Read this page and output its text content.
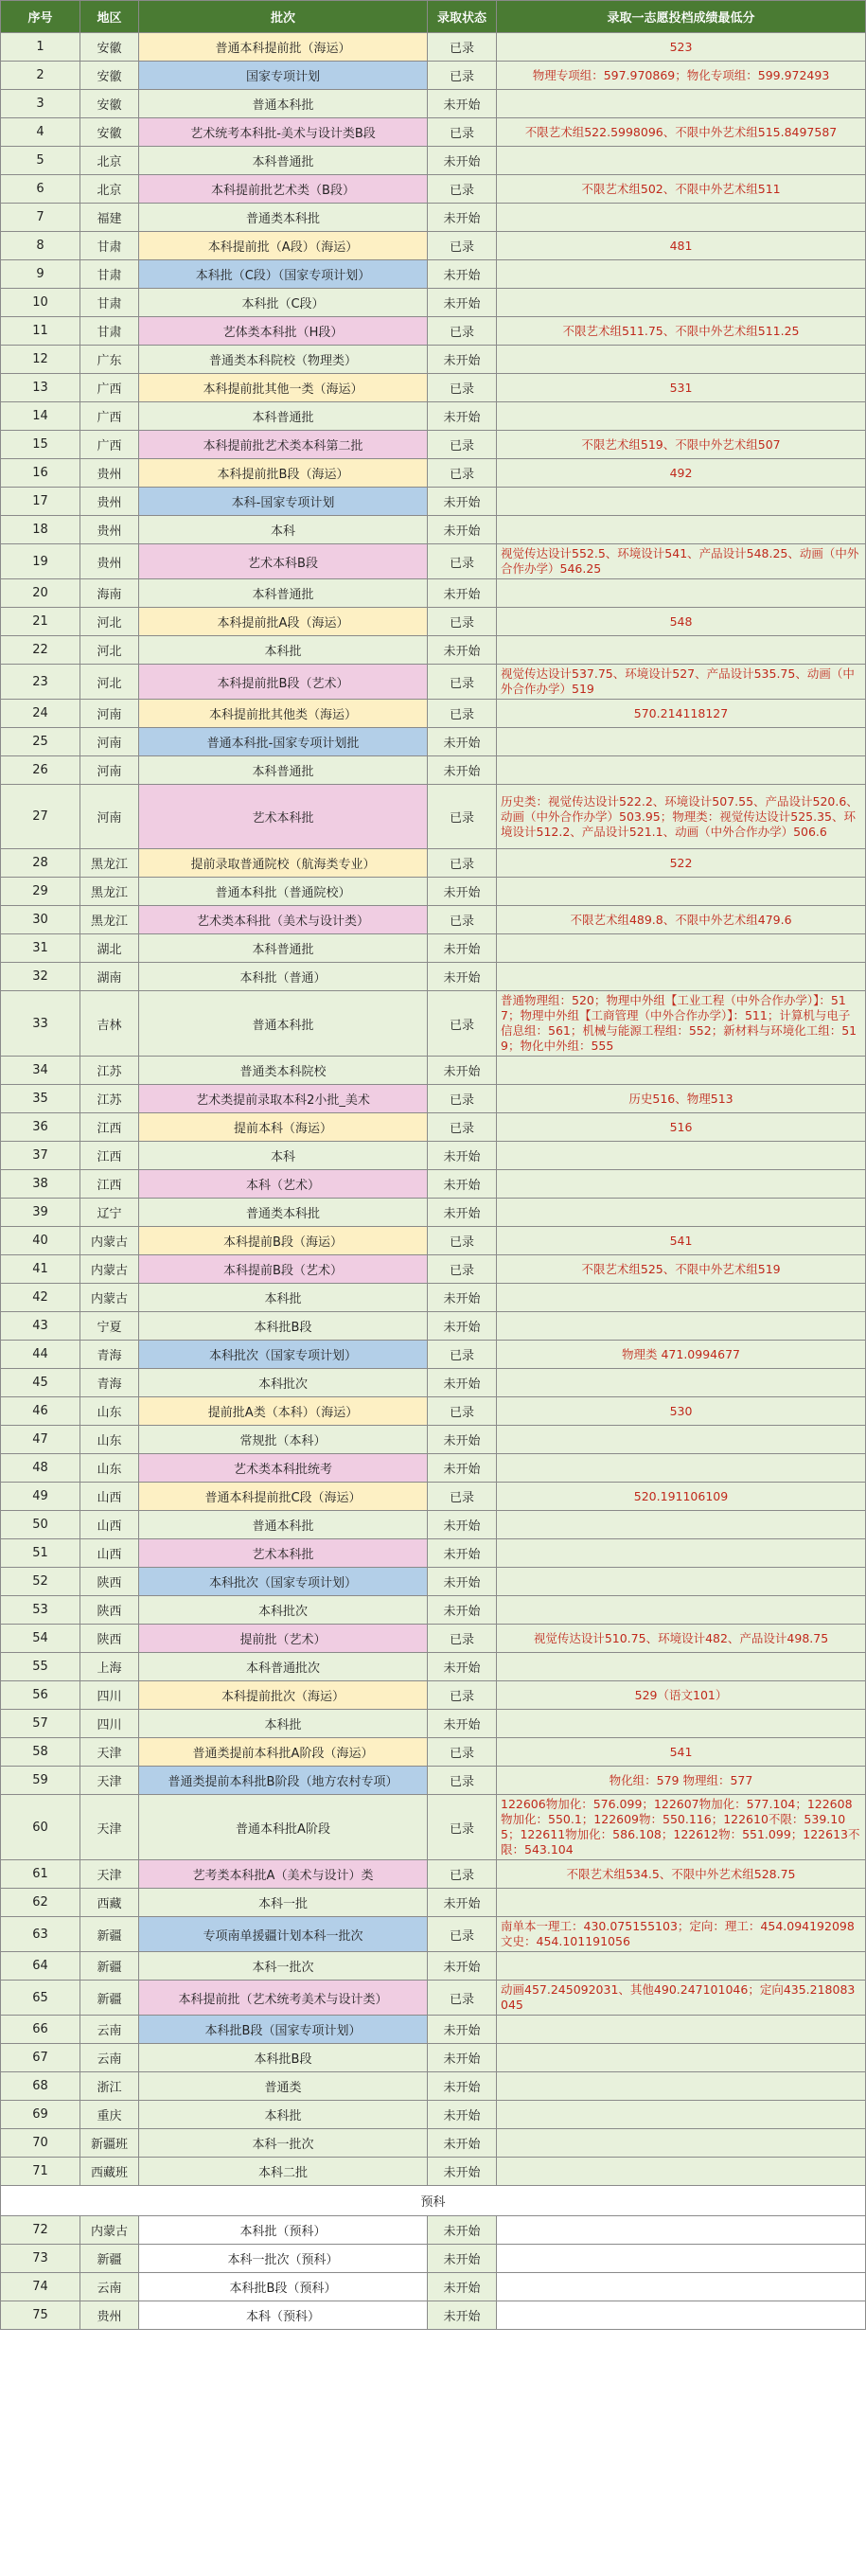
序号	地区	批次	录取状态	录取一志愿投档成绩最低分
1	安徽	普通本科提前批（海运）	已录	523
2	安徽	国家专项计划	已录	物理专项组：597.970869；物化专项组：599.972493
3	安徽	普通本科批	未开始	
4	安徽	艺术统考本科批-美术与设计类B段	已录	不限艺术组522.5998096、不限中外艺术组515.8497587
5	北京	本科普通批	未开始	
6	北京	本科提前批艺术类（B段）	已录	不限艺术组502、不限中外艺术组511
7	福建	普通类本科批	未开始	
8	甘肃	本科提前批（A段）（海运）	已录	481
9	甘肃	本科批（C段）（国家专项计划）	未开始	
10	甘肃	本科批（C段）	未开始	
11	甘肃	艺体类本科批（H段）	已录	不限艺术组511.75、不限中外艺术组511.25
12	广东	普通类本科院校（物理类）	未开始	
13	广西	本科提前批其他一类（海运）	已录	531
14	广西	本科普通批	未开始	
15	广西	本科提前批艺术类本科第二批	已录	不限艺术组519、不限中外艺术组507
16	贵州	本科提前批B段（海运）	已录	492
17	贵州	本科-国家专项计划	未开始	
18	贵州	本科	未开始	
19	贵州	艺术本科B段	已录	视觉传达设计552.5、环境设计541、产品设计548.25、动画（中外合作办学）546.25
20	海南	本科普通批	未开始	
21	河北	本科提前批A段（海运）	已录	548
22	河北	本科批	未开始	
23	河北	本科提前批B段（艺术）	已录	视觉传达设计537.75、环境设计527、产品设计535.75、动画（中外合作办学）519
24	河南	本科提前批其他类（海运）	已录	570.214118127
25	河南	普通本科批-国家专项计划批	未开始	
26	河南	本科普通批	未开始	
27	河南	艺术本科批	已录	历史类：视觉传达设计522.2、环境设计507.55、产品设计520.6、动画（中外合作办学）503.95；物理类：视觉传达设计525.35、环境设计512.2、产品设计521.1、动画（中外合作办学）506.6
28	黑龙江	提前录取普通院校（航海类专业）	已录	522
29	黑龙江	普通本科批（普通院校）	未开始	
30	黑龙江	艺术类本科批（美术与设计类）	已录	不限艺术组489.8、不限中外艺术组479.6
31	湖北	本科普通批	未开始	
32	湖南	本科批（普通）	未开始	
33	吉林	普通本科批	已录	普通物理组：520；物理中外组【工业工程（中外合作办学）】：517；物理中外组【工商管理（中外合作办学）】：511；计算机与电子信息组：561；机械与能源工程组：552；新材料与环境化工组：519；物化中外组：555
34	江苏	普通类本科院校	未开始	
35	江苏	艺术类提前录取本科2小批_美术	已录	历史516、物理513
36	江西	提前本科（海运）	已录	516
37	江西	本科	未开始	
38	江西	本科（艺术）	未开始	
39	辽宁	普通类本科批	未开始	
40	内蒙古	本科提前B段（海运）	已录	541
41	内蒙古	本科提前B段（艺术）	已录	不限艺术组525、不限中外艺术组519
42	内蒙古	本科批	未开始	
43	宁夏	本科批B段	未开始	
44	青海	本科批次（国家专项计划）	已录	物理类 471.0994677
45	青海	本科批次	未开始	
46	山东	提前批A类（本科）（海运）	已录	530
47	山东	常规批（本科）	未开始	
48	山东	艺术类本科批统考	未开始	
49	山西	普通本科提前批C段（海运）	已录	520.191106109
50	山西	普通本科批	未开始	
51	山西	艺术本科批	未开始	
52	陕西	本科批次（国家专项计划）	未开始	
53	陕西	本科批次	未开始	
54	陕西	提前批（艺术）	已录	视觉传达设计510.75、环境设计482、产品设计498.75
55	上海	本科普通批次	未开始	
56	四川	本科提前批次（海运）	已录	529（语文101）
57	四川	本科批	未开始	
58	天津	普通类提前本科批A阶段（海运）	已录	541
59	天津	普通类提前本科批B阶段（地方农村专项）	已录	物化组：579 物理组：577
60	天津	普通本科批A阶段	已录	122606物加化：576.099；122607物加化：577.104；122608物加化：550.1；122609物：550.116；122610不限：539.105；122611物加化：586.108；122612物：551.099；122613不限：543.104
61	天津	艺考类本科批A（美术与设计）类	已录	不限艺术组534.5、不限中外艺术组528.75
62	西藏	本科一批	未开始	
63	新疆	专项南单援疆计划本科一批次	已录	南单本一理工：430.075155103；定向：理工：454.094192098 文史：454.101191056
64	新疆	本科一批次	未开始	
65	新疆	本科提前批（艺术统考美术与设计类）	已录	动画457.245092031、其他490.247101046；定向435.218083045
66	云南	本科批B段（国家专项计划）	未开始	
67	云南	本科批B段	未开始	
68	浙江	普通类	未开始	
69	重庆	本科批	未开始	
70	新疆班	本科一批次	未开始	
71	西藏班	本科二批	未开始	
预科				
72	内蒙古	本科批（预科）	未开始	
73	新疆	本科一批次（预科）	未开始	
74	云南	本科批B段（预科）	未开始	
75	贵州	本科（预科）	未开始	
